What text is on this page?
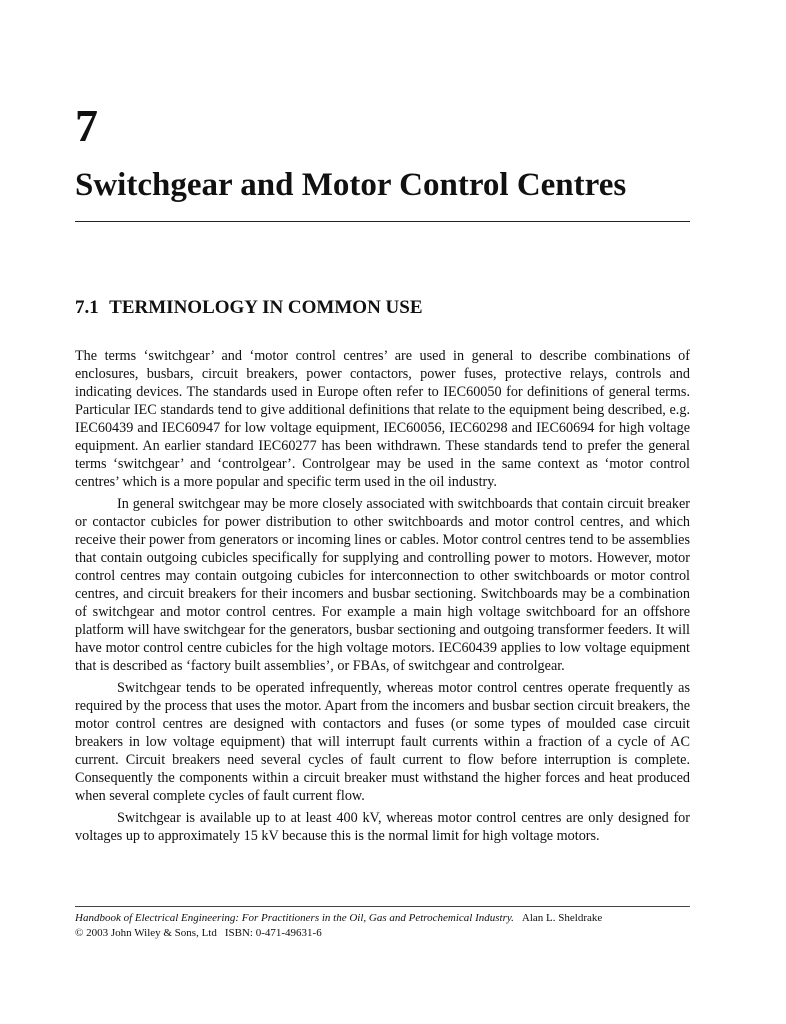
7
Switchgear and Motor Control Centres
7.1 TERMINOLOGY IN COMMON USE

The terms ‘switchgear’ and ‘motor control centres’ are used in general to describe combinations of enclosures, busbars, circuit breakers, power contactors, power fuses, protective relays, controls and indicating devices. The standards used in Europe often refer to IEC60050 for definitions of general terms. Particular IEC standards tend to give additional definitions that relate to the equipment being described, e.g. IEC60439 and IEC60947 for low voltage equipment, IEC60056, IEC60298 and IEC60694 for high voltage equipment. An earlier standard IEC60277 has been withdrawn. These standards tend to prefer the general terms ‘switchgear’ and ‘controlgear’. Controlgear may be used in the same context as ‘motor control centres’ which is a more popular and specific term used in the oil industry.

In general switchgear may be more closely associated with switchboards that contain circuit breaker or contactor cubicles for power distribution to other switchboards and motor control centres, and which receive their power from generators or incoming lines or cables. Motor control centres tend to be assemblies that contain outgoing cubicles specifically for supplying and controlling power to motors. However, motor control centres may contain outgoing cubicles for interconnection to other switchboards or motor control centres, and circuit breakers for their incomers and busbar sectioning. Switchboards may be a combination of switchgear and motor control centres. For example a main high voltage switchboard for an offshore platform will have switchgear for the generators, busbar sectioning and outgoing transformer feeders. It will have motor control centre cubicles for the high voltage motors. IEC60439 applies to low voltage equipment that is described as ‘factory built assemblies’, or FBAs, of switchgear and controlgear.

Switchgear tends to be operated infrequently, whereas motor control centres operate frequently as required by the process that uses the motor. Apart from the incomers and busbar section circuit breakers, the motor control centres are designed with contactors and fuses (or some types of moulded case circuit breakers in low voltage equipment) that will interrupt fault currents within a fraction of a cycle of AC current. Circuit breakers need several cycles of fault current to flow before interruption is complete. Consequently the components within a circuit breaker must withstand the higher forces and heat produced when several complete cycles of fault current flow.

Switchgear is available up to at least 400 kV, whereas motor control centres are only designed for voltages up to approximately 15 kV because this is the normal limit for high voltage motors.

Handbook of Electrical Engineering: For Practitioners in the Oil, Gas and Petrochemical Industry. Alan L. Sheldrake
© 2003 John Wiley & Sons, Ltd ISBN: 0-471-49631-6
